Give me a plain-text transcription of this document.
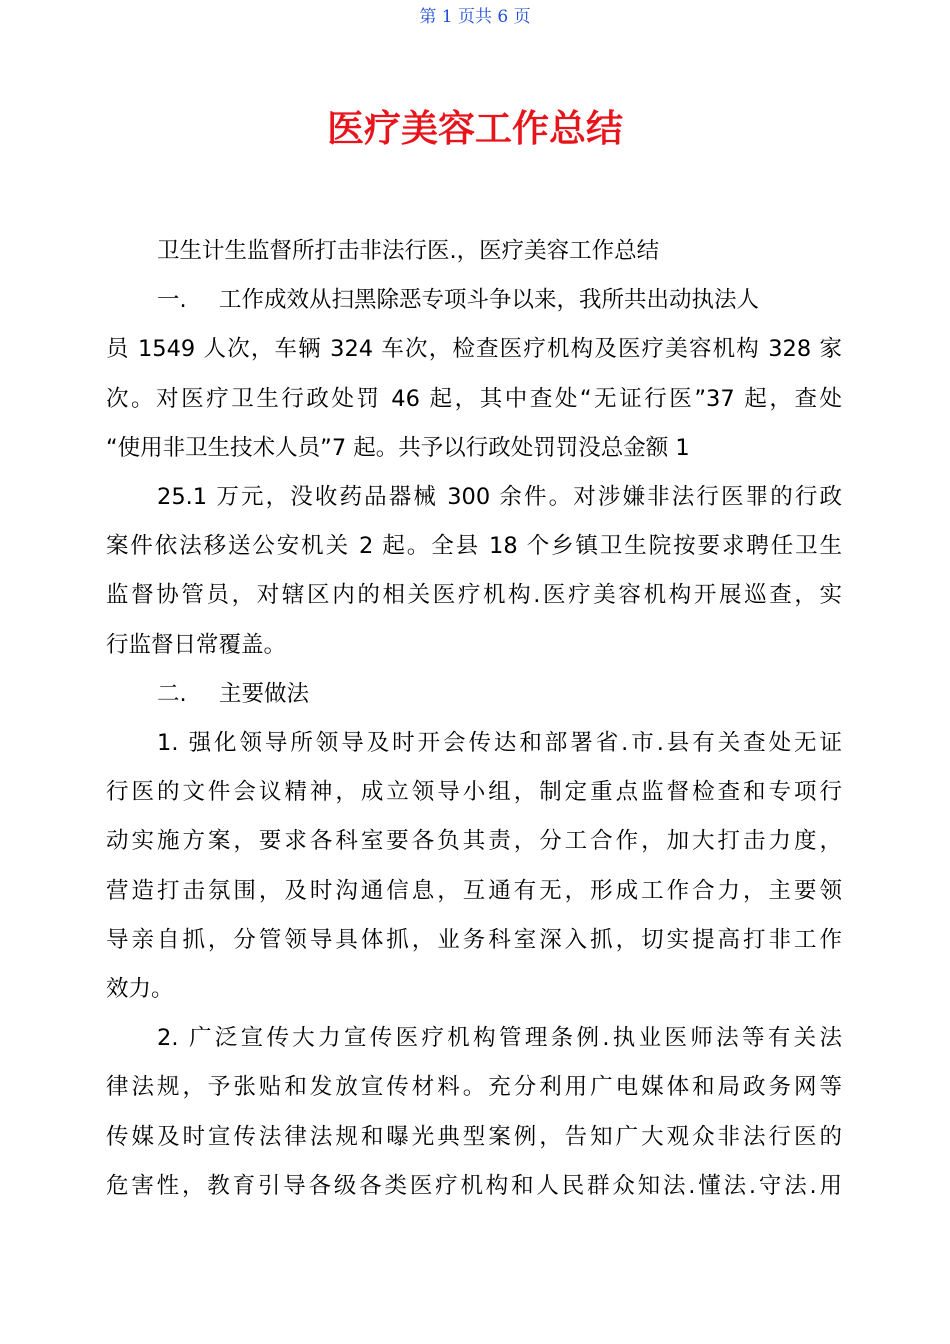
第 1 页共 6 页
医疗美容工作总结
卫生计生监督所打击非法行医.，医疗美容工作总结
一. 工作成效从扫黑除恶专项斗争以来，我所共出动执法人
员 1549 人次，车辆 324 车次，检查医疗机构及医疗美容机构 328 家
次。对医疗卫生行政处罚 46 起，其中查处“无证行医”37 起，查处
“使用非卫生技术人员”7 起。共予以行政处罚罚没总金额 1
25.1 万元，没收药品器械 300 余件。对涉嫌非法行医罪的行政
案件依法移送公安机关 2 起。全县 18 个乡镇卫生院按要求聘任卫生
监督协管员，对辖区内的相关医疗机构.医疗美容机构开展巡查，实
行监督日常覆盖。
二. 主要做法
1. 强化领导所领导及时开会传达和部署省.市.县有关查处无证
行医的文件会议精神，成立领导小组，制定重点监督检查和专项行
动实施方案，要求各科室要各负其责，分工合作，加大打击力度，
营造打击氛围，及时沟通信息，互通有无，形成工作合力，主要领
导亲自抓，分管领导具体抓，业务科室深入抓，切实提高打非工作
效力。
2. 广泛宣传大力宣传医疗机构管理条例.执业医师法等有关法
律法规，予张贴和发放宣传材料。充分利用广电媒体和局政务网等
传媒及时宣传法律法规和曝光典型案例，告知广大观众非法行医的
危害性，教育引导各级各类医疗机构和人民群众知法.懂法.守法.用
